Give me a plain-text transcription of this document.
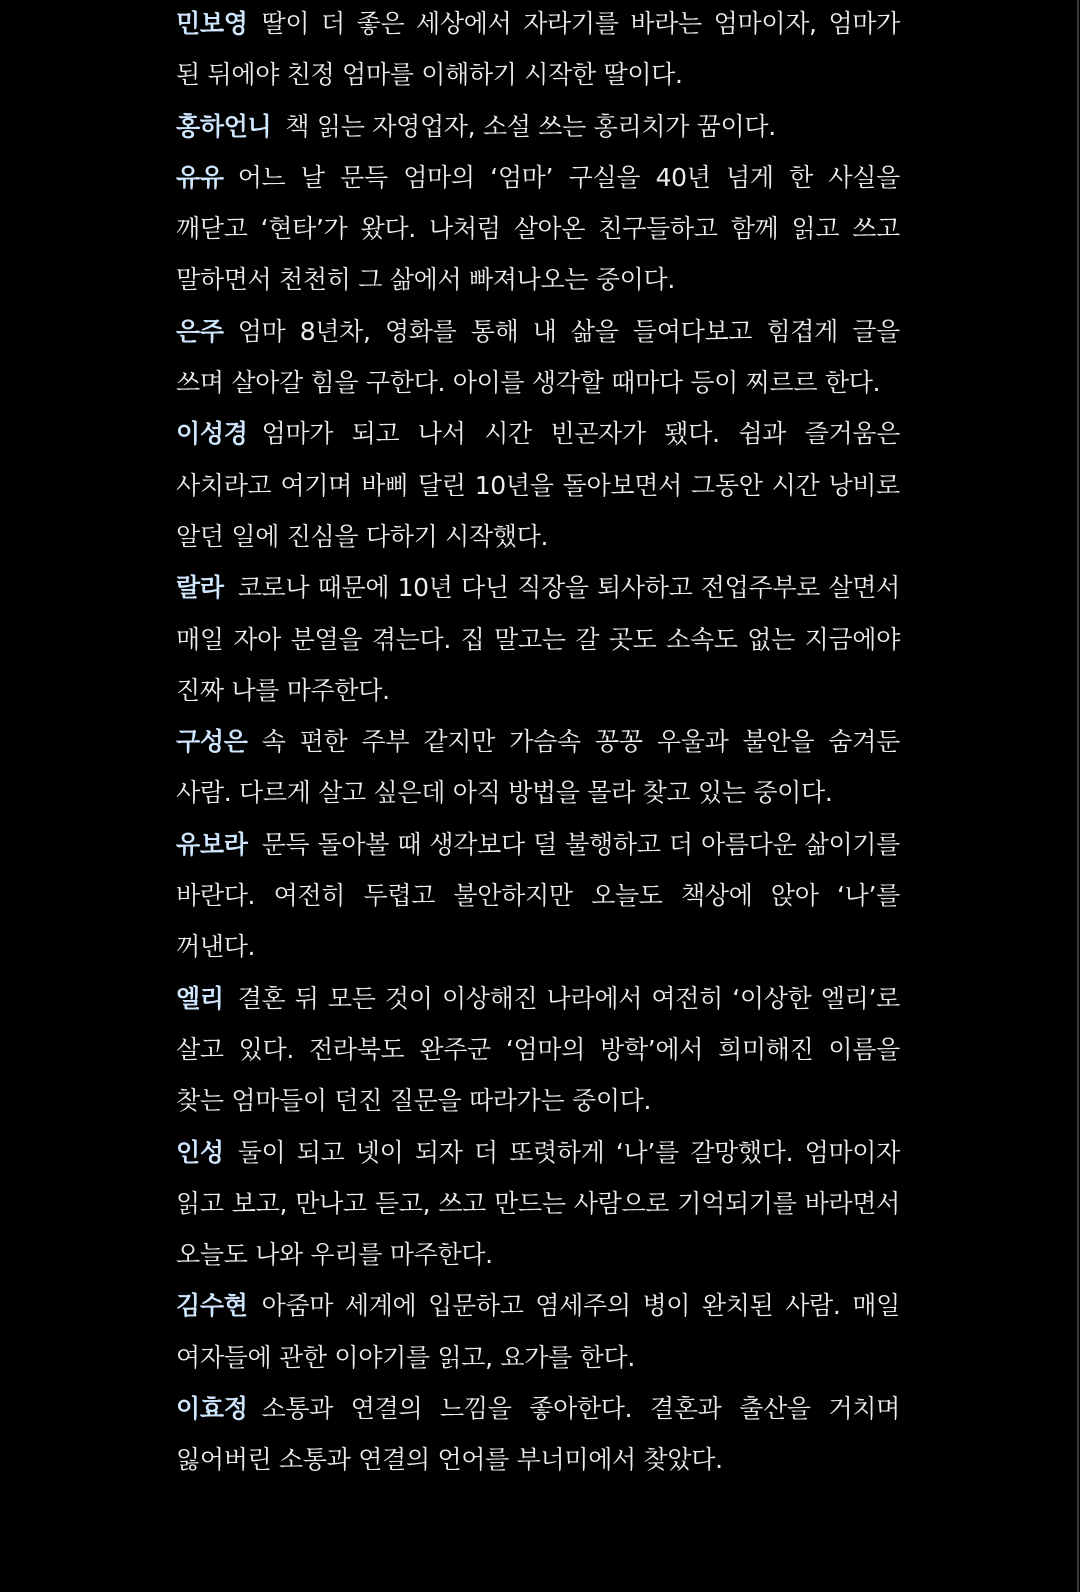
민보영 딸이 더 좋은 세상에서 자라기를 바라는 엄마이자, 엄마가 된 뒤에야 친정 엄마를 이해하기 시작한 딸이다.

홍하언니 책 읽는 자영업자, 소설 쓰는 홍리치가 꿈이다.

유유 어느 날 문득 엄마의 ‘엄마’ 구실을 40년 넘게 한 사실을 깨닫고 ‘현타’가 왔다. 나처럼 살아온 친구들하고 함께 읽고 쓰고 말하면서 천천히 그 삶에서 빠져나오는 중이다.

은주 엄마 8년차, 영화를 통해 내 삶을 들여다보고 힘겹게 글을 쓰며 살아갈 힘을 구한다. 아이를 생각할 때마다 등이 찌르르 한다.

이성경 엄마가 되고 나서 시간 빈곤자가 됐다. 쉼과 즐거움은 사치라고 여기며 바삐 달린 10년을 돌아보면서 그동안 시간 낭비로 알던 일에 진심을 다하기 시작했다.

랄라 코로나 때문에 10년 다닌 직장을 퇴사하고 전업주부로 살면서 매일 자아 분열을 겪는다. 집 말고는 갈 곳도 소속도 없는 지금에야 진짜 나를 마주한다.

구성은 속 편한 주부 같지만 가슴속 꽁꽁 우울과 불안을 숨겨둔 사람. 다르게 살고 싶은데 아직 방법을 몰라 찾고 있는 중이다.

유보라 문득 돌아볼 때 생각보다 덜 불행하고 더 아름다운 삶이기를 바란다. 여전히 두렵고 불안하지만 오늘도 책상에 앉아 ‘나’를 꺼낸다.

엘리 결혼 뒤 모든 것이 이상해진 나라에서 여전히 ‘이상한 엘리’로 살고 있다. 전라북도 완주군 ‘엄마의 방학’에서 희미해진 이름을 찾는 엄마들이 던진 질문을 따라가는 중이다.

인성 둘이 되고 넷이 되자 더 또렷하게 ‘나’를 갈망했다. 엄마이자 읽고 보고, 만나고 듣고, 쓰고 만드는 사람으로 기억되기를 바라면서 오늘도 나와 우리를 마주한다.

김수현 아줌마 세계에 입문하고 염세주의 병이 완치된 사람. 매일 여자들에 관한 이야기를 읽고, 요가를 한다.

이효정 소통과 연결의 느낌을 좋아한다. 결혼과 출산을 거치며 잃어버린 소통과 연결의 언어를 부너미에서 찾았다.
